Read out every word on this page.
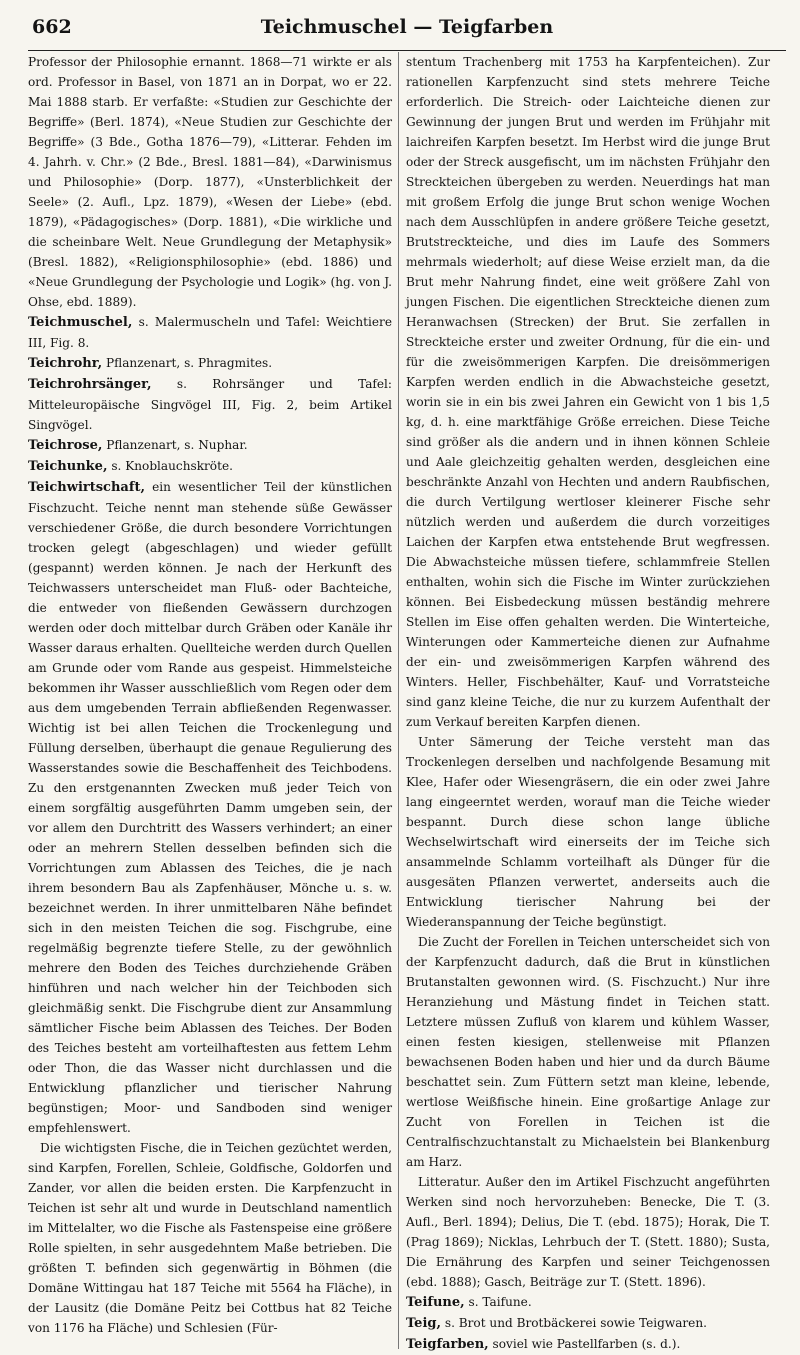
662	Teichmuschel — Teigfarben

Professor der Philosophie ernannt. 1868—71 wirkte er als ord. Professor in Basel, von 1871 an in Dorpat, wo er 22. Mai 1888 starb. Er verfaßte: «Studien zur Geschichte der Begriffe» (Berl. 1874), «Neue Studien zur Geschichte der Begriffe» (3 Bde., Gotha 1876—79), «Litterar. Fehden im 4. Jahrh. v. Chr.» (2 Bde., Bresl. 1881—84), «Darwinismus und Philosophie» (Dorp. 1877), «Unsterblichkeit der Seele» (2. Aufl., Lpz. 1879), «Wesen der Liebe» (ebd. 1879), «Pädagogisches» (Dorp. 1881), «Die wirkliche und die scheinbare Welt. Neue Grundlegung der Metaphysik» (Bresl. 1882), «Religionsphilosophie» (ebd. 1886) und «Neue Grundlegung der Psychologie und Logik» (hg. von J. Ohse, ebd. 1889).

Teichmuschel, s. Malermuscheln und Tafel: Weichtiere III, Fig. 8.

Teichrohr, Pflanzenart, s. Phragmites.

Teichrohrsänger, s. Rohrsänger und Tafel: Mitteleuropäische Singvögel III, Fig. 2, beim Artikel Singvögel.

Teichrose, Pflanzenart, s. Nuphar.

Teichunke, s. Knoblauchskröte.

Teichwirtschaft, ein wesentlicher Teil der künstlichen Fischzucht. Teiche nennt man stehende süße Gewässer verschiedener Größe, die durch besondere Vorrichtungen trocken gelegt (abgeschlagen) und wieder gefüllt (gespannt) werden können. Je nach der Herkunft des Teichwassers unterscheidet man Fluß- oder Bachteiche, die entweder von fließenden Gewässern durchzogen werden oder doch mittelbar durch Gräben oder Kanäle ihr Wasser daraus erhalten. Quellteiche werden durch Quellen am Grunde oder vom Rande aus gespeist. Himmelsteiche bekommen ihr Wasser ausschließlich vom Regen oder dem aus dem umgebenden Terrain abfließenden Regenwasser. Wichtig ist bei allen Teichen die Trockenlegung und Füllung derselben, überhaupt die genaue Regulierung des Wasserstandes sowie die Beschaffenheit des Teichbodens. Zu den erstgenannten Zwecken muß jeder Teich von einem sorgfältig ausgeführten Damm umgeben sein, der vor allem den Durchtritt des Wassers verhindert; an einer oder an mehrern Stellen desselben befinden sich die Vorrichtungen zum Ablassen des Teiches, die je nach ihrem besondern Bau als Zapfenhäuser, Mönche u. s. w. bezeichnet werden. In ihrer unmittelbaren Nähe befindet sich in den meisten Teichen die sog. Fischgrube, eine regelmäßig begrenzte tiefere Stelle, zu der gewöhnlich mehrere den Boden des Teiches durchziehende Gräben hinführen und nach welcher hin der Teichboden sich gleichmäßig senkt. Die Fischgrube dient zur Ansammlung sämtlicher Fische beim Ablassen des Teiches. Der Boden des Teiches besteht am vorteilhaftesten aus fettem Lehm oder Thon, die das Wasser nicht durchlassen und die Entwicklung pflanzlicher und tierischer Nahrung begünstigen; Moor- und Sandboden sind weniger empfehlenswert.

Die wichtigsten Fische, die in Teichen gezüchtet werden, sind Karpfen, Forellen, Schleie, Goldfische, Goldorfen und Zander, vor allen die beiden ersten. Die Karpfenzucht in Teichen ist sehr alt und wurde in Deutschland namentlich im Mittelalter, wo die Fische als Fastenspeise eine größere Rolle spielten, in sehr ausgedehntem Maße betrieben. Die größten T. befinden sich gegenwärtig in Böhmen (die Domäne Wittingau hat 187 Teiche mit 5564 ha Fläche), in der Lausitz (die Domäne Peitz bei Cottbus hat 82 Teiche von 1176 ha Fläche) und Schlesien (Für-

stentum Trachenberg mit 1753 ha Karpfenteichen). Zur rationellen Karpfenzucht sind stets mehrere Teiche erforderlich. Die Streich- oder Laichteiche dienen zur Gewinnung der jungen Brut und werden im Frühjahr mit laichreifen Karpfen besetzt. Im Herbst wird die junge Brut oder der Streck ausgefischt, um im nächsten Frühjahr den Streckteichen übergeben zu werden. Neuerdings hat man mit großem Erfolg die junge Brut schon wenige Wochen nach dem Ausschlüpfen in andere größere Teiche gesetzt, Brutstreckteiche, und dies im Laufe des Sommers mehrmals wiederholt; auf diese Weise erzielt man, da die Brut mehr Nahrung findet, eine weit größere Zahl von jungen Fischen. Die eigentlichen Streckteiche dienen zum Heranwachsen (Strecken) der Brut. Sie zerfallen in Streckteiche erster und zweiter Ordnung, für die ein- und für die zweisömmerigen Karpfen. Die dreisömmerigen Karpfen werden endlich in die Abwachsteiche gesetzt, worin sie in ein bis zwei Jahren ein Gewicht von 1 bis 1,5 kg, d. h. eine marktfähige Größe erreichen. Diese Teiche sind größer als die andern und in ihnen können Schleie und Aale gleichzeitig gehalten werden, desgleichen eine beschränkte Anzahl von Hechten und andern Raubfischen, die durch Vertilgung wertloser kleinerer Fische sehr nützlich werden und außerdem die durch vorzeitiges Laichen der Karpfen etwa entstehende Brut wegfressen. Die Abwachsteiche müssen tiefere, schlammfreie Stellen enthalten, wohin sich die Fische im Winter zurückziehen können. Bei Eisbedeckung müssen beständig mehrere Stellen im Eise offen gehalten werden. Die Winterteiche, Winterungen oder Kammerteiche dienen zur Aufnahme der ein- und zweisömmerigen Karpfen während des Winters. Heller, Fischbehälter, Kauf- und Vorratsteiche sind ganz kleine Teiche, die nur zu kurzem Aufenthalt der zum Verkauf bereiten Karpfen dienen.

Unter Sämerung der Teiche versteht man das Trockenlegen derselben und nachfolgende Besamung mit Klee, Hafer oder Wiesengräsern, die ein oder zwei Jahre lang eingeerntet werden, worauf man die Teiche wieder bespannt. Durch diese schon lange übliche Wechselwirtschaft wird einerseits der im Teiche sich ansammelnde Schlamm vorteilhaft als Dünger für die ausgesäten Pflanzen verwertet, anderseits auch die Entwicklung tierischer Nahrung bei der Wiederanspannung der Teiche begünstigt.

Die Zucht der Forellen in Teichen unterscheidet sich von der Karpfenzucht dadurch, daß die Brut in künstlichen Brutanstalten gewonnen wird. (S. Fischzucht.) Nur ihre Heranziehung und Mästung findet in Teichen statt. Letztere müssen Zufluß von klarem und kühlem Wasser, einen festen kiesigen, stellenweise mit Pflanzen bewachsenen Boden haben und hier und da durch Bäume beschattet sein. Zum Füttern setzt man kleine, lebende, wertlose Weißfische hinein. Eine großartige Anlage zur Zucht von Forellen in Teichen ist die Centralfischzuchtanstalt zu Michaelstein bei Blankenburg am Harz.

Litteratur. Außer den im Artikel Fischzucht angeführten Werken sind noch hervorzuheben: Benecke, Die T. (3. Aufl., Berl. 1894); Delius, Die T. (ebd. 1875); Horak, Die T. (Prag 1869); Nicklas, Lehrbuch der T. (Stett. 1880); Susta, Die Ernährung des Karpfen und seiner Teichgenossen (ebd. 1888); Gasch, Beiträge zur T. (Stett. 1896).

Teifune, s. Taifune.

Teig, s. Brot und Brotbäckerei sowie Teigwaren.

Teigfarben, soviel wie Pastellfarben (s. d.).
